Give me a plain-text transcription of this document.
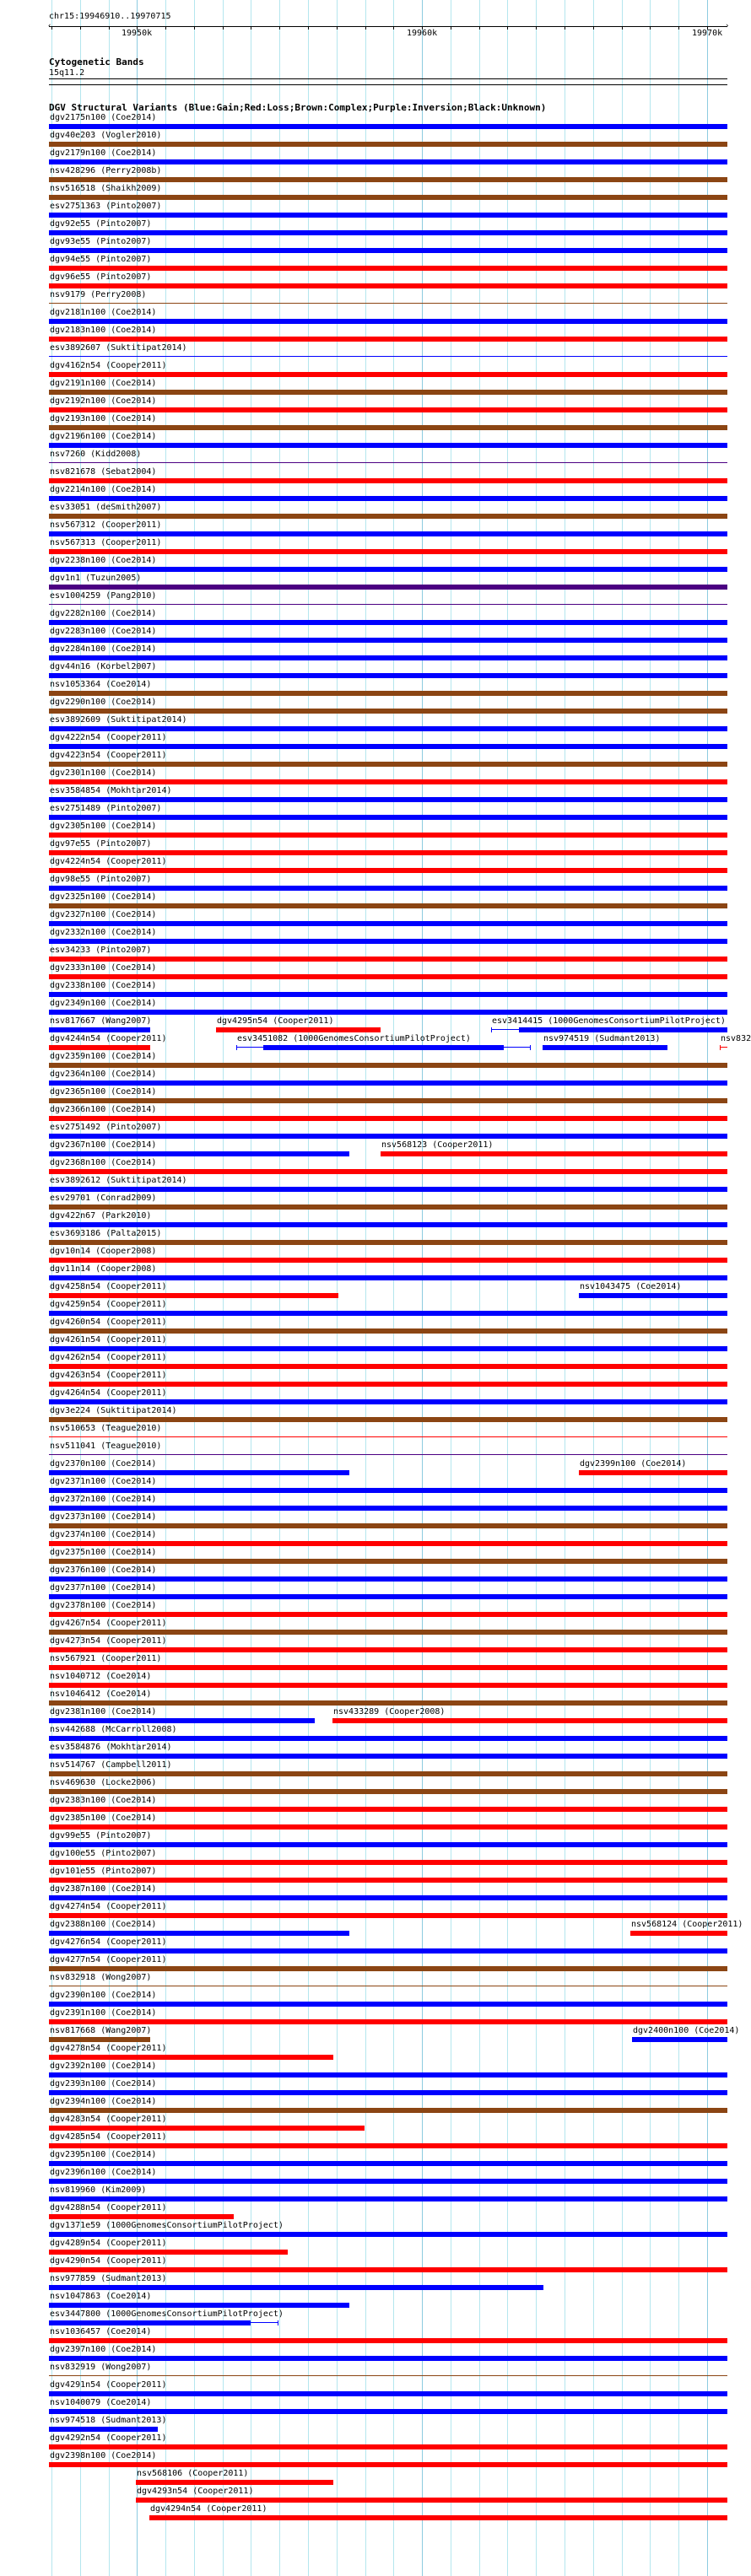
chr15:19946910..19970715
‹	›
19950k	19960k	19970k
Cytogenetic Bands
15q11.2
DGV Structural Variants (Blue:Gain;Red:Loss;Brown:Complex;Purple:Inversion;Black:Unknown)
dgv2175n100 (Coe2014)
dgv40e203 (Vogler2010)
dgv2179n100 (Coe2014)
nsv428296 (Perry2008b)
nsv516518 (Shaikh2009)
esv2751363 (Pinto2007)
dgv92e55 (Pinto2007)
dgv93e55 (Pinto2007)
dgv94e55 (Pinto2007)
dgv96e55 (Pinto2007)
nsv9179 (Perry2008)
dgv2181n100 (Coe2014)
dgv2183n100 (Coe2014)
esv3892607 (Suktitipat2014)
dgv4162n54 (Cooper2011)
dgv2191n100 (Coe2014)
dgv2192n100 (Coe2014)
dgv2193n100 (Coe2014)
dgv2196n100 (Coe2014)
nsv7260 (Kidd2008)
nsv821678 (Sebat2004)
dgv2214n100 (Coe2014)
esv33051 (deSmith2007)
nsv567312 (Cooper2011)
nsv567313 (Cooper2011)
dgv2238n100 (Coe2014)
dgv1n1 (Tuzun2005)
esv1004259 (Pang2010)
dgv2282n100 (Coe2014)
dgv2283n100 (Coe2014)
dgv2284n100 (Coe2014)
dgv44n16 (Korbel2007)
nsv1053364 (Coe2014)
dgv2290n100 (Coe2014)
esv3892609 (Suktitipat2014)
dgv4222n54 (Cooper2011)
dgv4223n54 (Cooper2011)
dgv2301n100 (Coe2014)
esv3584854 (Mokhtar2014)
esv2751489 (Pinto2007)
dgv2305n100 (Coe2014)
dgv97e55 (Pinto2007)
dgv4224n54 (Cooper2011)
dgv98e55 (Pinto2007)
dgv2325n100 (Coe2014)
dgv2327n100 (Coe2014)
dgv2332n100 (Coe2014)
esv34233 (Pinto2007)
dgv2333n100 (Coe2014)
dgv2338n100 (Coe2014)
dgv2349n100 (Coe2014)
nsv817667 (Wang2007)	dgv4295n54 (Cooper2011)	esv3414415 (1000GenomesConsortiumPilotProject)
dgv4244n54 (Cooper2011)	esv3451082 (1000GenomesConsortiumPilotProject)	nsv974519 (Sudmant2013)	nsv832
dgv2359n100 (Coe2014)
dgv2364n100 (Coe2014)
dgv2365n100 (Coe2014)
dgv2366n100 (Coe2014)
esv2751492 (Pinto2007)
dgv2367n100 (Coe2014)	nsv568123 (Cooper2011)
dgv2368n100 (Coe2014)
esv3892612 (Suktitipat2014)
esv29701 (Conrad2009)
dgv422n67 (Park2010)
esv3693186 (Palta2015)
dgv10n14 (Cooper2008)
dgv11n14 (Cooper2008)
dgv4258n54 (Cooper2011)	nsv1043475 (Coe2014)
dgv4259n54 (Cooper2011)
dgv4260n54 (Cooper2011)
dgv4261n54 (Cooper2011)
dgv4262n54 (Cooper2011)
dgv4263n54 (Cooper2011)
dgv4264n54 (Cooper2011)
dgv3e224 (Suktitipat2014)
nsv510653 (Teague2010)
nsv511041 (Teague2010)
dgv2370n100 (Coe2014)	dgv2399n100 (Coe2014)
dgv2371n100 (Coe2014)
dgv2372n100 (Coe2014)
dgv2373n100 (Coe2014)
dgv2374n100 (Coe2014)
dgv2375n100 (Coe2014)
dgv2376n100 (Coe2014)
dgv2377n100 (Coe2014)
dgv2378n100 (Coe2014)
dgv4267n54 (Cooper2011)
dgv4273n54 (Cooper2011)
nsv567921 (Cooper2011)
nsv1040712 (Coe2014)
nsv1046412 (Coe2014)
dgv2381n100 (Coe2014)	nsv433289 (Cooper2008)
nsv442688 (McCarroll2008)
esv3584876 (Mokhtar2014)
nsv514767 (Campbell2011)
nsv469630 (Locke2006)
dgv2383n100 (Coe2014)
dgv2385n100 (Coe2014)
dgv99e55 (Pinto2007)
dgv100e55 (Pinto2007)
dgv101e55 (Pinto2007)
dgv2387n100 (Coe2014)
dgv4274n54 (Cooper2011)
dgv2388n100 (Coe2014)	nsv568124 (Cooper2011)
dgv4276n54 (Cooper2011)
dgv4277n54 (Cooper2011)
nsv832918 (Wong2007)
dgv2390n100 (Coe2014)
dgv2391n100 (Coe2014)
nsv817668 (Wang2007)	dgv2400n100 (Coe2014)
dgv4278n54 (Cooper2011)
dgv2392n100 (Coe2014)
dgv2393n100 (Coe2014)
dgv2394n100 (Coe2014)
dgv4283n54 (Cooper2011)
dgv4285n54 (Cooper2011)
dgv2395n100 (Coe2014)
dgv2396n100 (Coe2014)
nsv819960 (Kim2009)
dgv4288n54 (Cooper2011)
dgv1371e59 (1000GenomesConsortiumPilotProject)
dgv4289n54 (Cooper2011)
dgv4290n54 (Cooper2011)
nsv977859 (Sudmant2013)
nsv1047863 (Coe2014)
esv3447800 (1000GenomesConsortiumPilotProject)
nsv1036457 (Coe2014)
dgv2397n100 (Coe2014)
nsv832919 (Wong2007)
dgv4291n54 (Cooper2011)
nsv1040079 (Coe2014)
nsv974518 (Sudmant2013)
dgv4292n54 (Cooper2011)
dgv2398n100 (Coe2014)
nsv568106 (Cooper2011)
dgv4293n54 (Cooper2011)
dgv4294n54 (Cooper2011)
